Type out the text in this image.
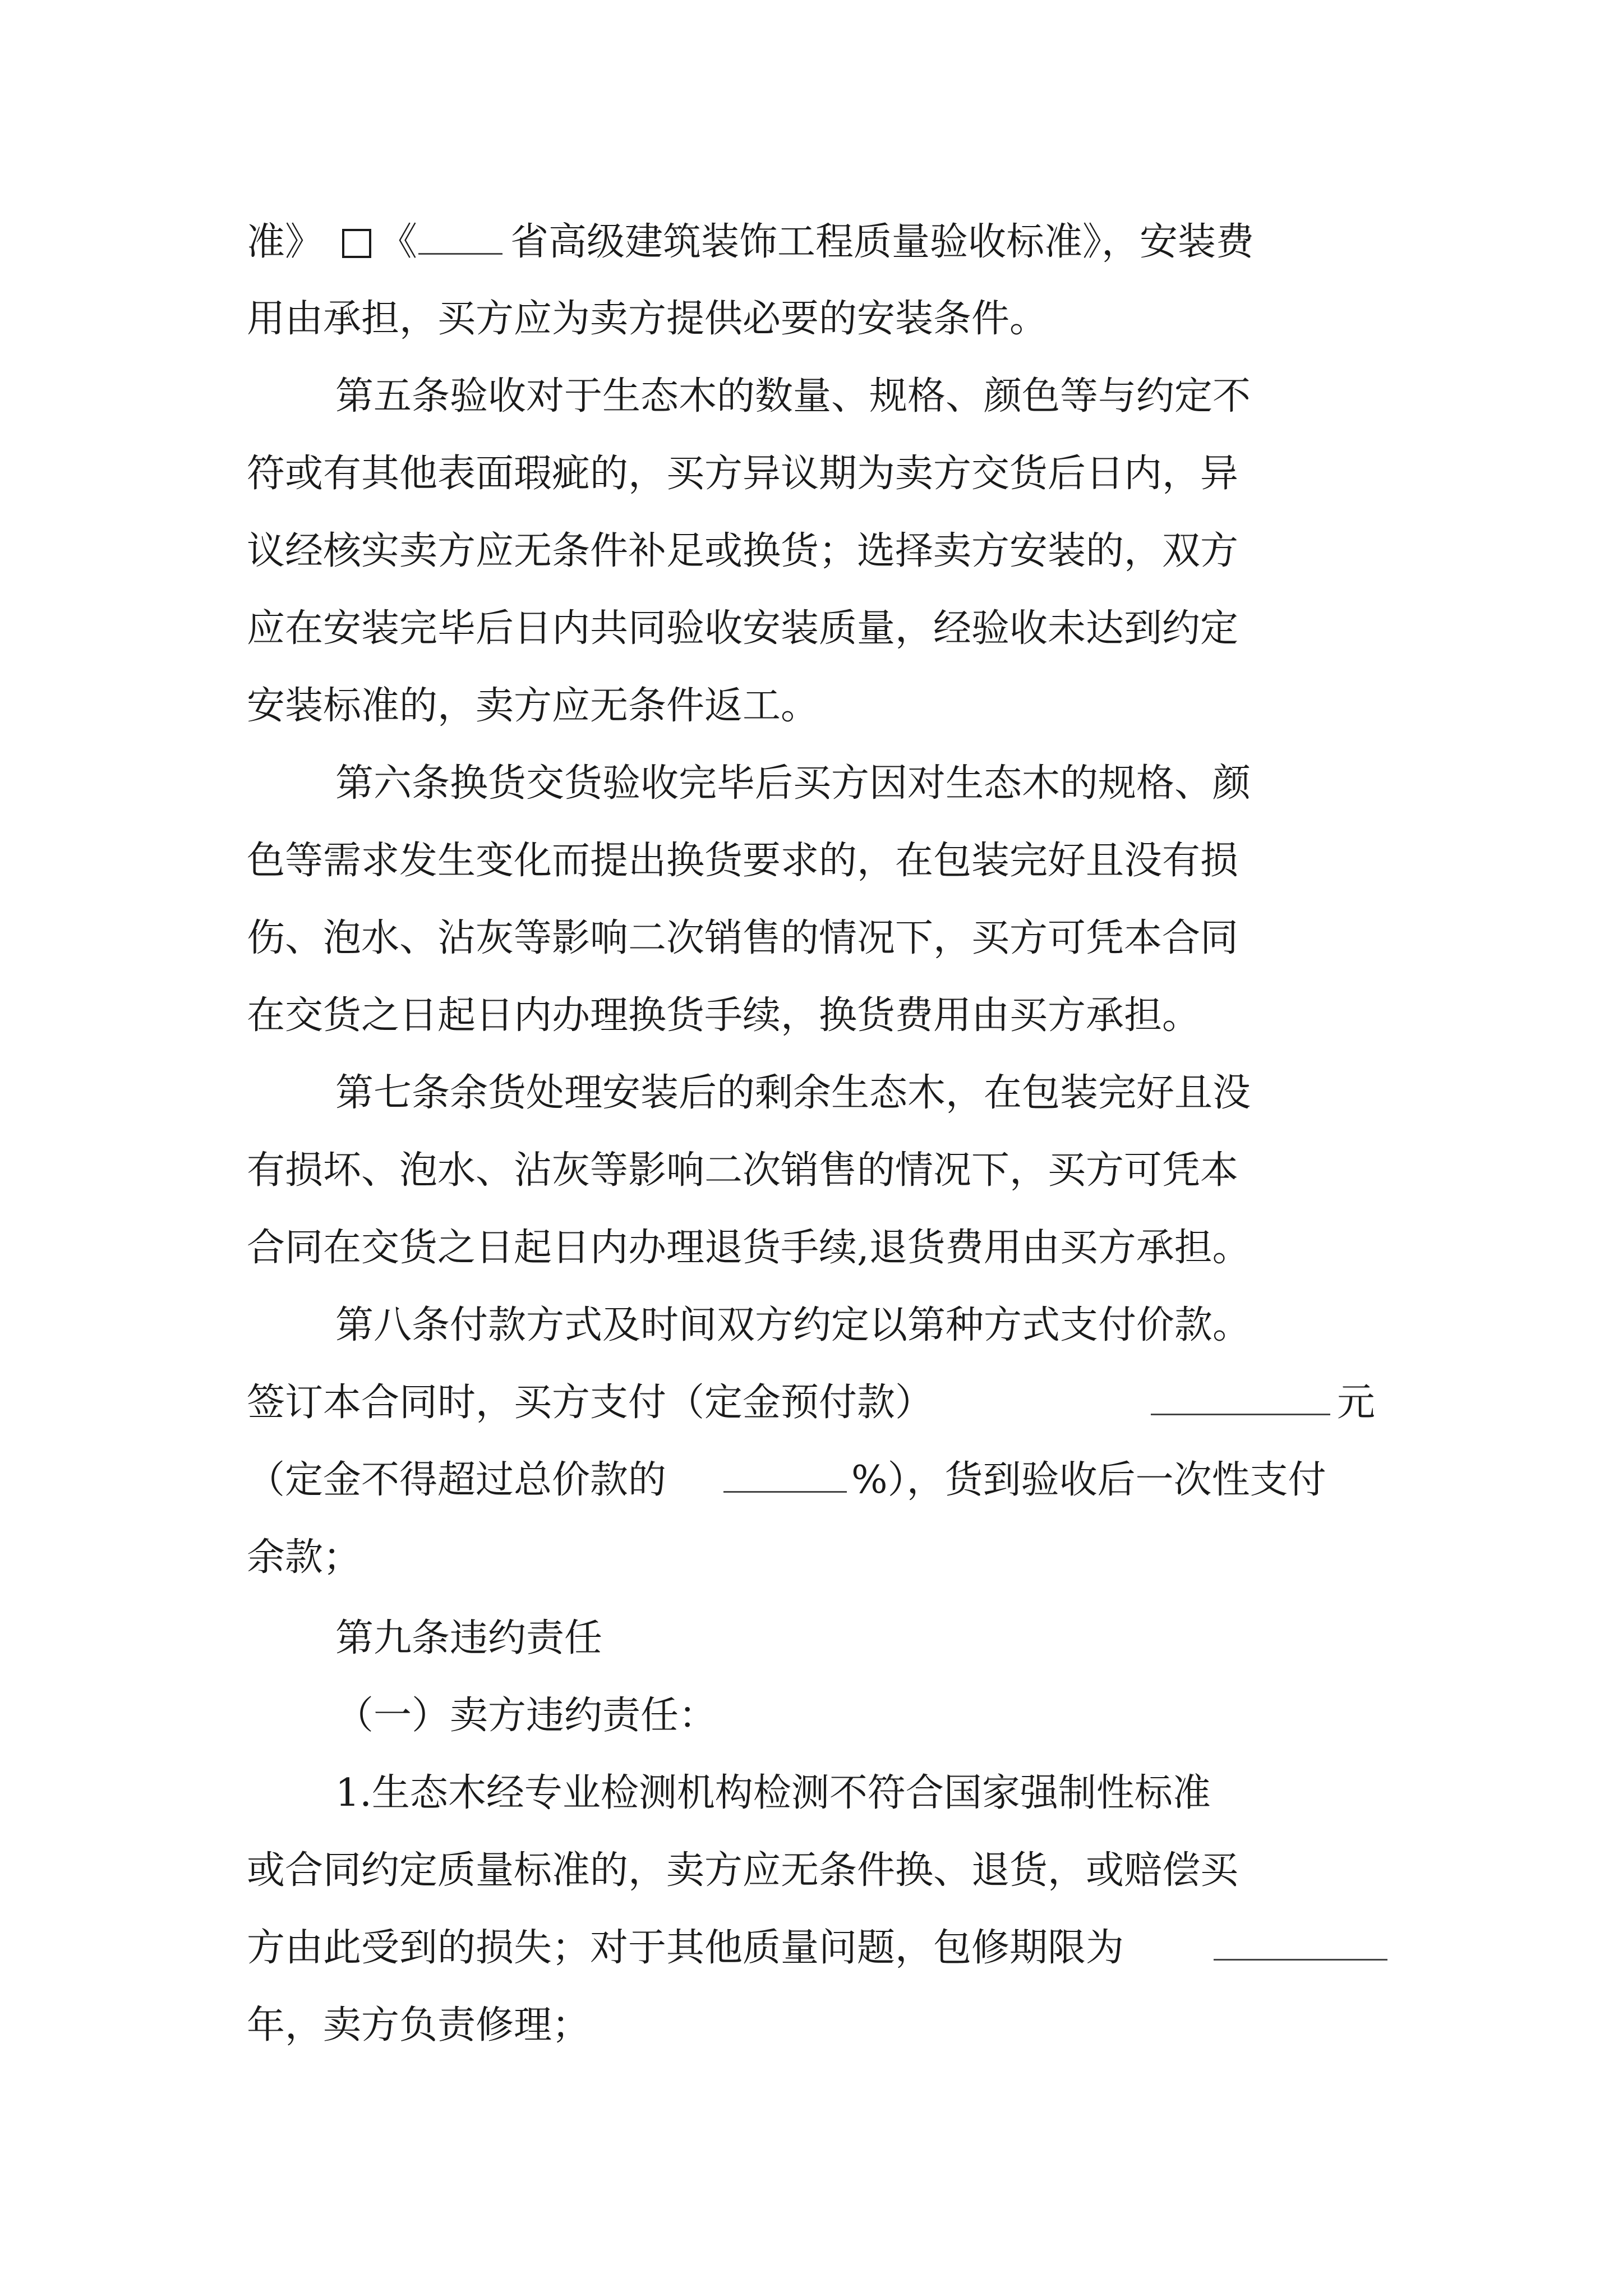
准》 《 省高级建筑装饰工程质量验收标准》，安装费
用由承担，买方应为卖方提供必要的安装条件。
第五条验收对于生态木的数量、规格、颜色等与约定不
符或有其他表面瑕疵的，买方异议期为卖方交货后日内，异
议经核实卖方应无条件补足或换货；选择卖方安装的，双方
应在安装完毕后日内共同验收安装质量，经验收未达到约定
安装标准的，卖方应无条件返工。
第六条换货交货验收完毕后买方因对生态木的规格、颜
色等需求发生变化而提出换货要求的，在包装完好且没有损
伤、泡水、沾灰等影响二次销售的情况下，买方可凭本合同
在交货之日起日内办理换货手续，换货费用由买方承担。
第七条余货处理安装后的剩余生态木，在包装完好且没
有损坏、泡水、沾灰等影响二次销售的情况下，买方可凭本
合同在交货之日起日内办理退货手续,退货费用由买方承担。
第八条付款方式及时间双方约定以第种方式支付价款。
签订本合同时，买方支付（定金预付款）	元
（定金不得超过总价款的	%），货到验收后一次性支付
余款；
第九条违约责任
（一）卖方违约责任：
1.生态木经专业检测机构检测不符合国家强制性标准
或合同约定质量标准的，卖方应无条件换、退货，或赔偿买
方由此受到的损失；对于其他质量问题，包修期限为
年，卖方负责修理；
